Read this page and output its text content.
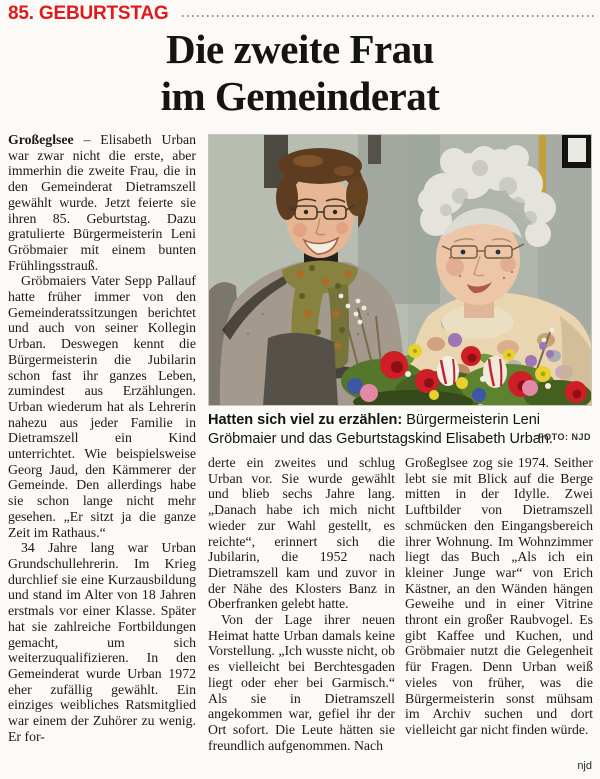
85. GEBURTSTAG
Die zweite Frau
im Gemeinderat

Großeglsee – Elisabeth Urban war zwar nicht die erste, aber immerhin die zweite Frau, die in den Gemeinderat Dietramszell gewählt wurde. Jetzt feierte sie ihren 85. Geburtstag. Dazu gratulierte Bürgermeisterin Leni Gröbmaier mit einem bunten Frühlingsstrauß.

Gröbmaiers Vater Sepp Pallauf hatte früher immer von den Gemeinderatssitzungen berichtet und auch von seiner Kollegin Urban. Deswegen kennt die Bürgermeisterin die Jubilarin schon fast ihr ganzes Leben, zumindest aus Erzählungen. Urban wiederum hat als Lehrerin nahezu aus jeder Familie in Dietramszell ein Kind unterrichtet. Wie beispielsweise Georg Jaud, den Kämmerer der Gemeinde. Den allerdings habe sie schon lange nicht mehr gesehen. „Er sitzt ja die ganze Zeit im Rathaus.“

34 Jahre lang war Urban Grundschullehrerin. Im Krieg durchlief sie eine Kurzausbildung und stand im Alter von 18 Jahren erstmals vor einer Klasse. Später hat sie zahlreiche Fortbildungen gemacht, um sich weiterzuqualifizieren. In den Gemeinderat wurde Urban 1972 eher zufällig gewählt. Ein einziges weibliches Ratsmitglied war einem der Zuhörer zu wenig. Er for-

Hatten sich viel zu erzählen: Bürgermeisterin Leni Gröbmaier und das Geburtstagskind Elisabeth Urban.
FOTO: NJD

derte ein zweites und schlug Urban vor. Sie wurde gewählt und blieb sechs Jahre lang. „Danach habe ich mich nicht wieder zur Wahl gestellt, es reichte“, erinnert sich die Jubilarin, die 1952 nach Dietramszell kam und zuvor in der Nähe des Klosters Banz in Oberfranken gelebt hatte.

Von der Lage ihrer neuen Heimat hatte Urban damals keine Vorstellung. „Ich wusste nicht, ob es vielleicht bei Berchtesgaden liegt oder eher bei Garmisch.“ Als sie in Dietramszell angekommen war, gefiel ihr der Ort sofort. Die Leute hätten sie freundlich aufgenommen. Nach

Großeglsee zog sie 1974. Seither lebt sie mit Blick auf die Berge mitten in der Idylle. Zwei Luftbilder von Dietramszell schmücken den Eingangsbereich ihrer Wohnung. Im Wohnzimmer liegt das Buch „Als ich ein kleiner Junge war“ von Erich Kästner, an den Wänden hängen Geweihe und in einer Vitrine thront ein großer Raubvogel. Es gibt Kaffee und Kuchen, und Gröbmaier nutzt die Gelegenheit für Fragen. Denn Urban weiß vieles von früher, was die Bürgermeisterin sonst mühsam im Archiv suchen und dort vielleicht gar nicht finden würde.

njd
